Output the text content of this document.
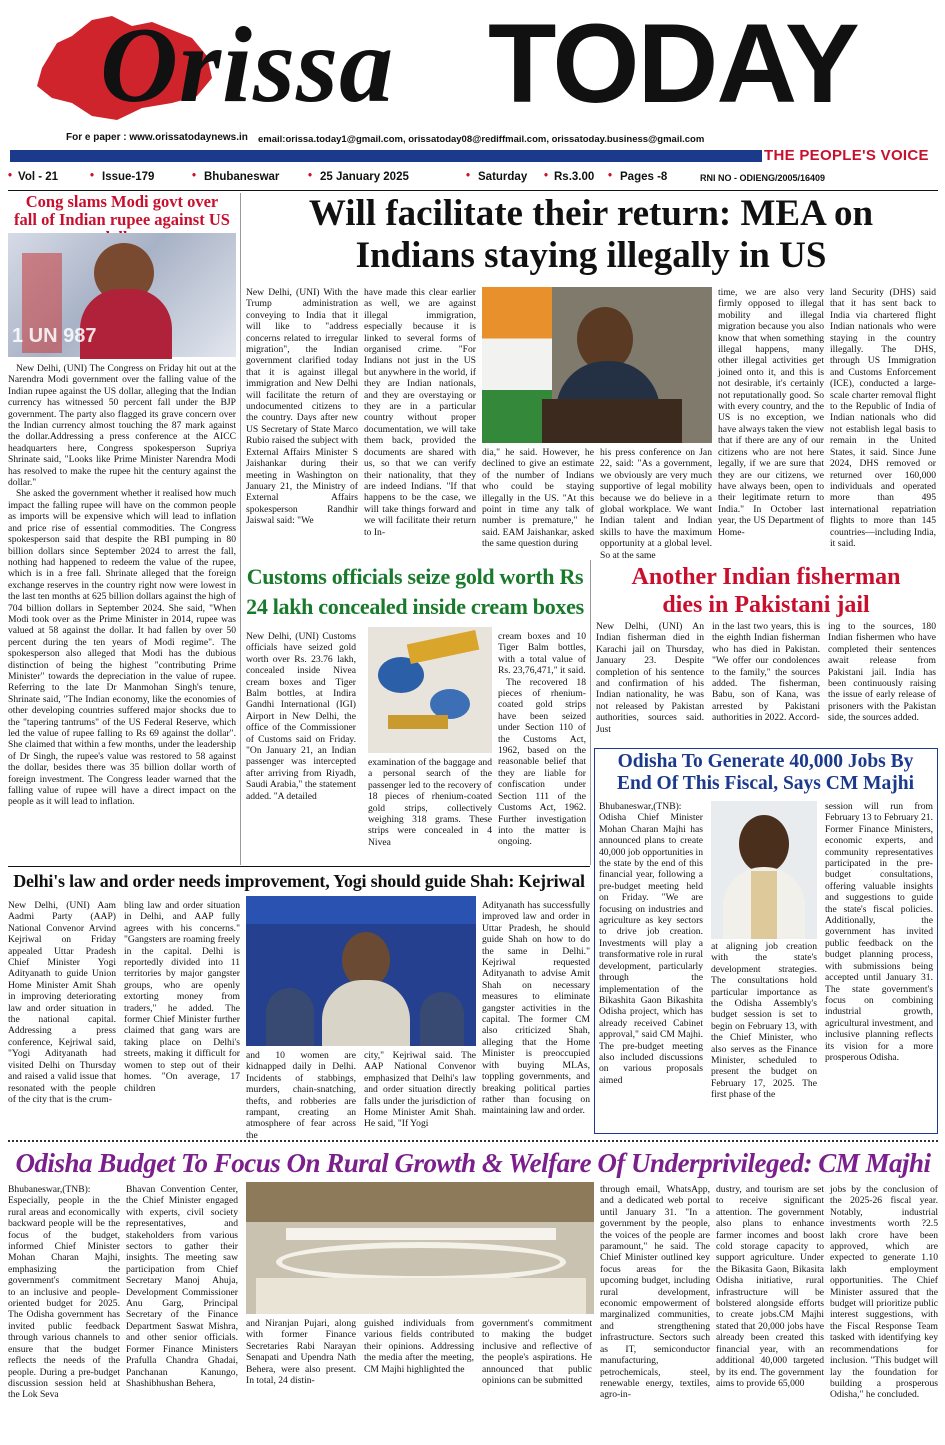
Orissa TODAY
For e paper : www.orissatodaynews.in email:orissa.today1@gmail.com, orissatoday08@rediffmail.com, orissatoday.business@gmail.com
THE PEOPLE'S VOICE
• Vol - 21	• Issue-179	• Bhubaneswar • 25 January 2025	• Saturday • Rs.3.00 • Pages -8	RNI NO - ODIENG/2005/16409
Cong slams Modi govt over fall of Indian rupee against US
1 UN 987

New Delhi, (UNI) The Congress on Friday hit out at the Narendra Modi government over the falling value of the Indian rupee against the US dollar, alleging that the Indian currency has witnessed 50 percent fall under the BJP government. The party also flagged its grave concern over the Indian currency almost touching the 87 mark against the dollar.Addressing a press conference at the AICC headquarters here, Congress spokesperson Supriya Shrinate said, "Looks like Prime Minister Narendra Modi has resolved to make the rupee hit the century against the dollar."

She asked the government whether it realised how much impact the falling rupee will have on the common people as imports will be expensive which will lead to inflation and price rise of essential commodities. The Congress spokesperson said that despite the RBI pumping in 80 billion dollars since September 2024 to arrest the fall, nothing had happened to redeem the value of the rupee, which is in a free fall. Shrinate alleged that the foreign exchange reserves in the country right now were lowest in the last ten months at 625 billion dollars against the high of 704 billion dollars in September 2024. She said, "When Modi took over as the Prime Minister in 2014, rupee was valued at 58 against the dollar. It had fallen by over 50 percent during the ten years of Modi regime". The spokesperson also alleged that Modi has the dubious distinction of being the highest "contributing Prime Minister" towards the depreciation in the value of rupee. Referring to the late Dr Manmohan Singh's tenure, Shrinate said, "The Indian economy, like the economies of other developing countries suffered major shocks due to the "tapering tantrums" of the US Federal Reserve, which led the value of rupee falling to Rs 69 against the dollar". She claimed that within a few months, under the leadership of Dr Singh, the rupee's value was restored to 58 against the dollar, besides there was 35 billion dollar worth of foreign investment. The Congress leader warned that the falling value of rupee will have a direct impact on the people as it will lead to inflation.

Will facilitate their return: MEA on
Indians staying illegally in US
New Delhi, (UNI) With the Trump administration conveying to India that it will like to "address concerns related to irregular migration", the Indian government clarified today that it is against illegal immigration and New Delhi will facilitate the return of undocumented citizens to the country. Days after new US Secretary of State Marco Rubio raised the subject with External Affairs Minister S Jaishankar during their meeting in Washington on January 21, the Ministry of External Affairs spokesperson Randhir Jaiswal said: "We
have made this clear earlier as well, we are against illegal immigration, especially because it is linked to several forms of organised crime. "For Indians not just in the US but anywhere in the world, if they are Indian nationals, and they are overstaying or they are in a particular country without proper documentation, we will take them back, provided the documents are shared with us, so that we can verify their nationality, that they are indeed Indians. "If that happens to be the case, we will take things forward and we will facilitate their return to In-
dia," he said. However, he declined to give an estimate of the number of Indians who could be staying illegally in the US. "At this point in time any talk of number is premature," he said. EAM Jaishankar, asked the same question during
his press conference on Jan 22, said: "As a government, we obviously are very much supportive of legal mobility because we do believe in a global workplace. We want Indian talent and Indian skills to have the maximum opportunity at a global level. So at the same
time, we are also very firmly opposed to illegal mobility and illegal migration because you also know that when something illegal happens, many other illegal activities get joined onto it, and this is not desirable, it's certainly not reputationally good. So with every country, and the US is no exception, we have always taken the view that if there are any of our citizens who are not here legally, if we are sure that they are our citizens, we have always been, open to their legitimate return to India." In October last year, the US Department of Home-
land Security (DHS) said that it has sent back to India via chartered flight Indian nationals who were staying in the country illegally. The DHS, through US Immigration and Customs Enforcement (ICE), conducted a large-scale charter removal flight to the Republic of India of Indian nationals who did not establish legal basis to remain in the United States, it said. Since June 2024, DHS removed or returned over 160,000 individuals and operated more than 495 international repatriation flights to more than 145 countries—including India, it said.
Customs officials seize gold worth Rs
24 lakh concealed inside cream boxes
New Delhi, (UNI) Customs officials have seized gold worth over Rs. 23.76 lakh, concealed inside Nivea cream boxes and Tiger Balm bottles, at Indira Gandhi International (IGI) Airport in New Delhi, the office of the Commissioner of Customs said on Friday. "On January 21, an Indian passenger was intercepted after arriving from Riyadh, Saudi Arabia," the statement added. "A detailed
examination of the baggage and a personal search of the passenger led to the recovery of 18 pieces of rhenium-coated gold strips, collectively weighing 318 grams. These strips were concealed in 4 Nivea
cream boxes and 10 Tiger Balm bottles, with a total value of Rs. 23,76,471," it said.

The recovered 18 pieces of rhenium-coated gold strips have been seized under Section 110 of the Customs Act, 1962, based on the reasonable belief that they are liable for confiscation under Section 111 of the Customs Act, 1962. Further investigation into the matter is ongoing.

Another Indian fisherman
dies in Pakistani jail
New Delhi, (UNI) An Indian fisherman died in Karachi jail on Thursday, January 23. Despite completion of his sentence and confirmation of his Indian nationality, he was not released by Pakistan authorities, sources said. Just
in the last two years, this is the eighth Indian fisherman who has died in Pakistan. "We offer our condolences to the family," the sources added. The fisherman, Babu, son of Kana, was arrested by Pakistani authorities in 2022. Accord-
ing to the sources, 180 Indian fishermen who have completed their sentences await release from Pakistani jail. India has been continuously raising the issue of early release of prisoners with the Pakistan side, the sources added.
Odisha To Generate 40,000 Jobs By
End Of This Fiscal, Says CM Majhi
Bhubaneswar,(TNB): Odisha Chief Minister Mohan Charan Majhi has announced plans to create 40,000 job opportunities in the state by the end of this financial year, following a pre-budget meeting held on Friday. "We are focusing on industries and agriculture as key sectors to drive job creation. Investments will play a transformative role in rural development, particularly through the implementation of the Bikashita Gaon Bikashita Odisha project, which has already received Cabinet approval," said CM Majhi. The pre-budget meeting also included discussions on various proposals aimed
at aligning job creation with the state's development strategies. The consultations hold particular importance as the Odisha Assembly's budget session is set to begin on February 13, with the Chief Minister, who also serves as the Finance Minister, scheduled to present the budget on February 17, 2025. The first phase of the
session will run from February 13 to February 21. Former Finance Ministers, economic experts, and community representatives participated in the pre-budget consultations, offering valuable insights and suggestions to guide the state's fiscal policies. Additionally, the government has invited public feedback on the budget planning process, with submissions being accepted until January 31. The state government's focus on combining industrial growth, agricultural investment, and inclusive planning reflects its vision for a more prosperous Odisha.
Delhi's law and order needs improvement, Yogi should guide Shah: Kejriwal
New Delhi, (UNI) Aam Aadmi Party (AAP) National Convenor Arvind Kejriwal on Friday appealed Uttar Pradesh Chief Minister Yogi Adityanath to guide Union Home Minister Amit Shah in improving deteriorating law and order situation in the national capital. Addressing a press conference, Kejriwal said, "Yogi Adityanath had visited Delhi on Thursday and raised a valid issue that resonated with the people of the city that is the crum-
bling law and order situation in Delhi, and AAP fully agrees with his concerns." "Gangsters are roaming freely in the capital. Delhi is reportedly divided into 11 territories by major gangster groups, who are openly extorting money from traders," he added. The former Chief Minister further claimed that gang wars are taking place on Delhi's streets, making it difficult for women to step out of their homes. "On average, 17 children
and 10 women are kidnapped daily in Delhi. Incidents of stabbings, murders, chain-snatching, thefts, and robberies are rampant, creating an atmosphere of fear across the
city," Kejriwal said. The AAP National Convenor emphasized that Delhi's law and order situation directly falls under the jurisdiction of Home Minister Amit Shah. He said, "If Yogi
Adityanath has successfully improved law and order in Uttar Pradesh, he should guide Shah on how to do the same in Delhi." Kejriwal requested Adityanath to advise Amit Shah on necessary measures to eliminate gangster activities in the capital. The former CM also criticized Shah, alleging that the Home Minister is preoccupied with buying MLAs, toppling governments, and breaking political parties rather than focusing on maintaining law and order.
Odisha Budget To Focus On Rural Growth & Welfare Of Underprivileged: CM Majhi
Bhubaneswar,(TNB): Especially, people in the rural areas and economically backward people will be the focus of the budget, informed Chief Minister Mohan Charan Majhi, emphasizing the government's commitment to an inclusive and people-oriented budget for 2025. The Odisha government has invited public feedback through various channels to ensure that the budget reflects the needs of the people. During a pre-budget discussion session held at the Lok Seva
Bhavan Convention Center, the Chief Minister engaged with experts, civil society representatives, and stakeholders from various sectors to gather their insights. The meeting saw participation from Chief Secretary Manoj Ahuja, Development Commissioner Anu Garg, Principal Secretary of the Finance Department Saswat Mishra, and other senior officials. Former Finance Ministers Prafulla Chandra Ghadai, Panchanan Kanungo, Shashibhushan Behera,
and Niranjan Pujari, along with former Finance Secretaries Rabi Narayan Senapati and Upendra Nath Behera, were also present. In total, 24 distin-
guished individuals from various fields contributed their opinions. Addressing the media after the meeting, CM Majhi highlighted the
government's commitment to making the budget inclusive and reflective of the people's aspirations. He announced that public opinions can be submitted
through email, WhatsApp, and a dedicated web portal until January 31. "In a government by the people, the voices of the people are paramount," he said. The Chief Minister outlined key focus areas for the upcoming budget, including rural development, economic empowerment of marginalized communities, and strengthening infrastructure. Sectors such as IT, semiconductor manufacturing, petrochemicals, steel, renewable energy, textiles, agro-in-
dustry, and tourism are set to receive significant attention. The government also plans to enhance farmer incomes and boost cold storage capacity to support agriculture. Under the Bikasita Gaon, Bikasita Odisha initiative, rural infrastructure will be bolstered alongside efforts to create jobs.CM Majhi stated that 20,000 jobs have already been created this financial year, with an additional 40,000 targeted by its end. The government aims to provide 65,000
jobs by the conclusion of the 2025-26 fiscal year. Notably, industrial investments worth ?2.5 lakh crore have been approved, which are expected to generate 1.10 lakh employment opportunities. The Chief Minister assured that the budget will prioritize public interest suggestions, with the Fiscal Response Team tasked with identifying key recommendations for inclusion. "This budget will lay the foundation for building a prosperous Odisha," he concluded.
